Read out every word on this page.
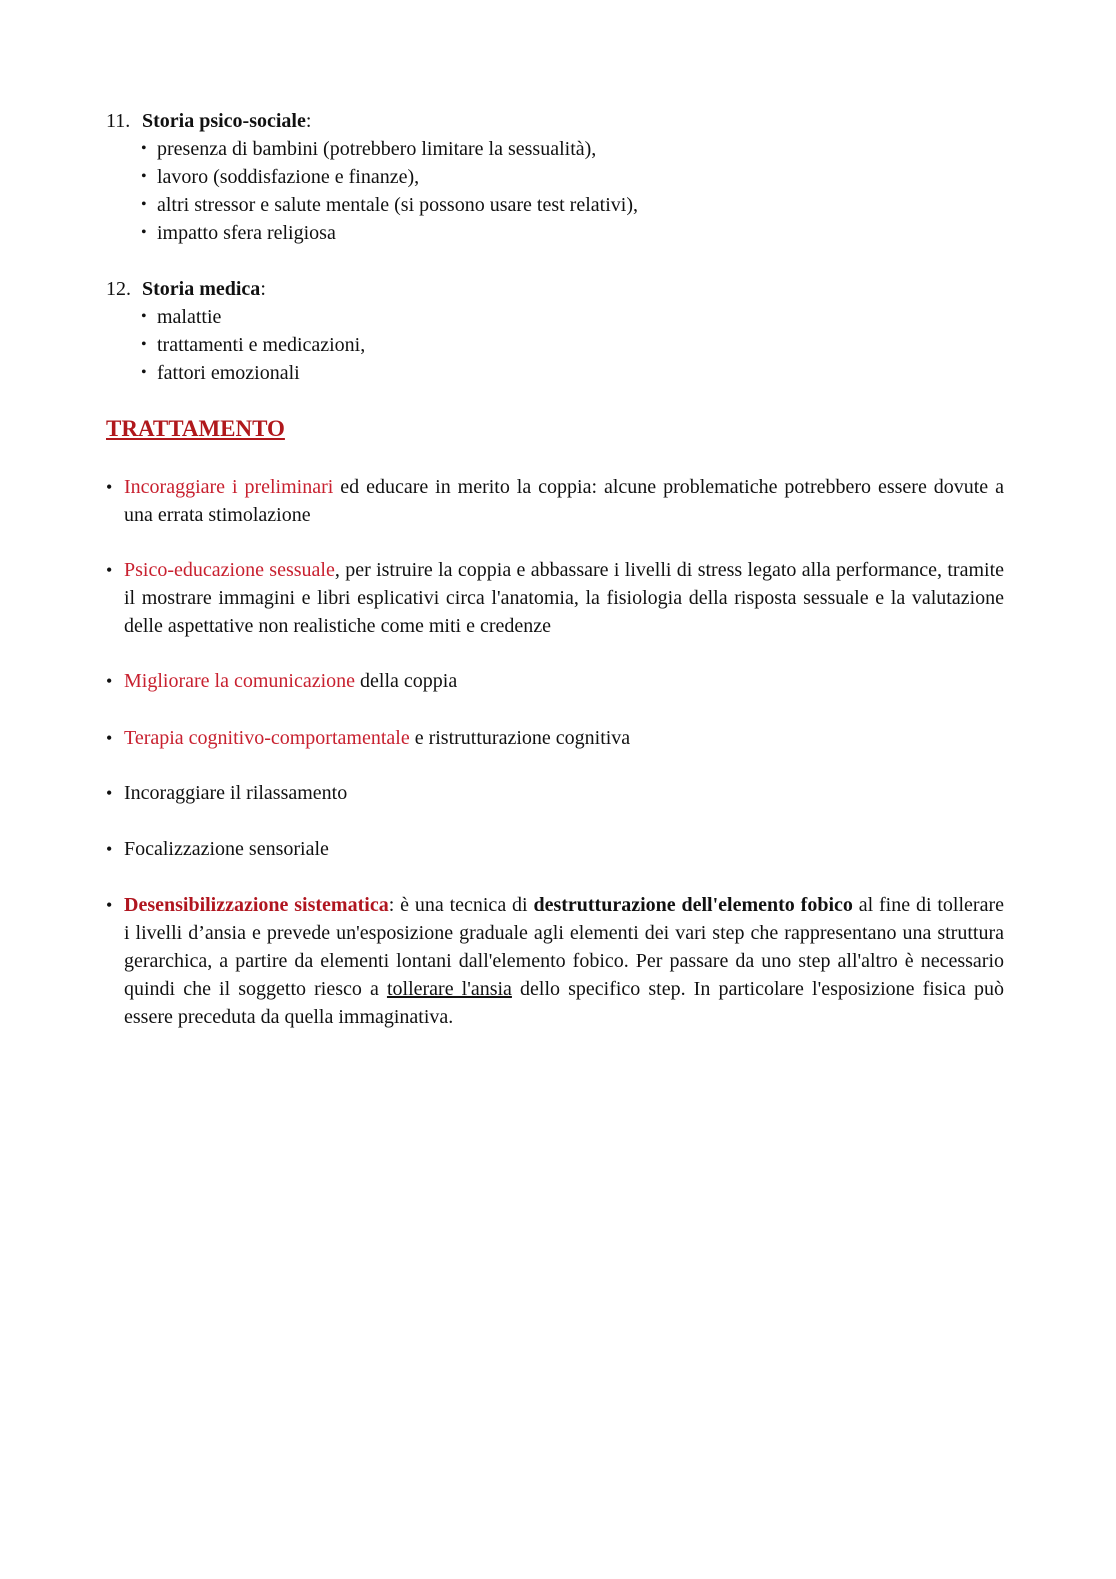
11. Storia psico-sociale:
• presenza di bambini (potrebbero limitare la sessualità),
• lavoro (soddisfazione e finanze),
• altri stressor e salute mentale (si possono usare test relativi),
• impatto sfera religiosa
12. Storia medica:
• malattie
• trattamenti e medicazioni,
• fattori emozionali
TRATTAMENTO
• Incoraggiare i preliminari ed educare in merito la coppia: alcune problematiche potrebbero essere dovute a una errata stimolazione
• Psico-educazione sessuale, per istruire la coppia e abbassare i livelli di stress legato alla performance, tramite il mostrare immagini e libri esplicativi circa l'anatomia, la fisiologia della risposta sessuale e la valutazione delle aspettative non realistiche come miti e credenze
• Migliorare la comunicazione della coppia
• Terapia cognitivo-comportamentale e ristrutturazione cognitiva
• Incoraggiare il rilassamento
• Focalizzazione sensoriale
• Desensibilizzazione sistematica: è una tecnica di destrutturazione dell'elemento fobico al fine di tollerare i livelli d’ansia e prevede un'esposizione graduale agli elementi dei vari step che rappresentano una struttura gerarchica, a partire da elementi lontani dall'elemento fobico. Per passare da uno step all'altro è necessario quindi che il soggetto riesco a tollerare l'ansia dello specifico step. In particolare l'esposizione fisica può essere preceduta da quella immaginativa.
